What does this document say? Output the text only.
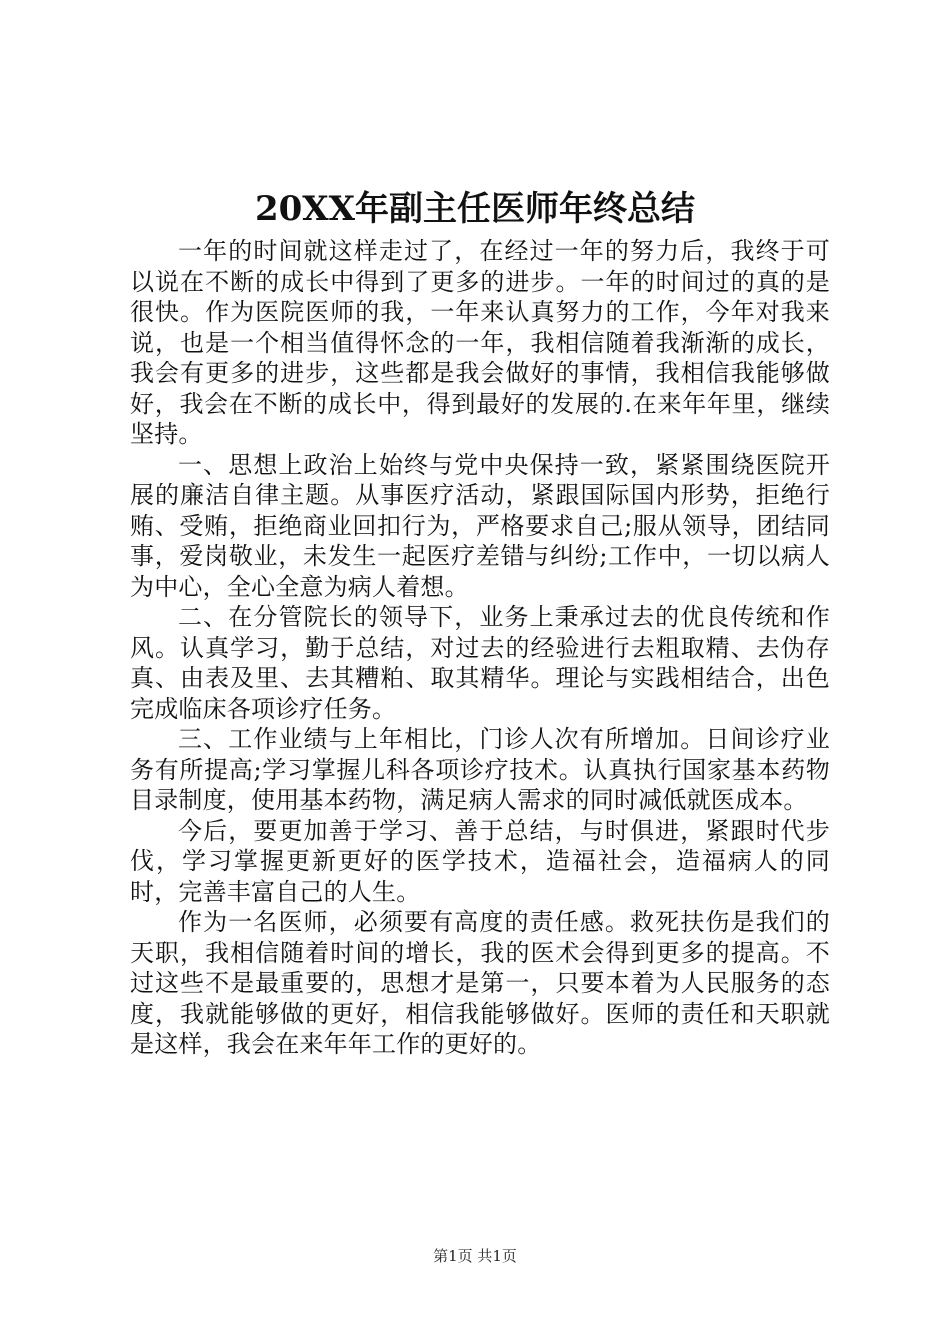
20XX年副主任医师年终总结

一年的时间就这样走过了，在经过一年的努力后，我终于可以说在不断的成长中得到了更多的进步。一年的时间过的真的是很快。作为医院医师的我，一年来认真努力的工作，今年对我来说，也是一个相当值得怀念的一年，我相信随着我渐渐的成长，我会有更多的进步，这些都是我会做好的事情，我相信我能够做好，我会在不断的成长中，得到最好的发展的.在来年年里，继续坚持。

一、思想上政治上始终与党中央保持一致，紧紧围绕医院开展的廉洁自律主题。从事医疗活动，紧跟国际国内形势，拒绝行贿、受贿，拒绝商业回扣行为，严格要求自己;服从领导，团结同事，爱岗敬业，未发生一起医疗差错与纠纷;工作中，一切以病人为中心，全心全意为病人着想。

二、在分管院长的领导下，业务上秉承过去的优良传统和作风。认真学习，勤于总结，对过去的经验进行去粗取精、去伪存真、由表及里、去其糟粕、取其精华。理论与实践相结合，出色完成临床各项诊疗任务。

三、工作业绩与上年相比，门诊人次有所增加。日间诊疗业务有所提高;学习掌握儿科各项诊疗技术。认真执行国家基本药物目录制度，使用基本药物，满足病人需求的同时减低就医成本。

今后，要更加善于学习、善于总结，与时俱进，紧跟时代步伐，学习掌握更新更好的医学技术，造福社会，造福病人的同时，完善丰富自己的人生。

作为一名医师，必须要有高度的责任感。救死扶伤是我们的天职，我相信随着时间的增长，我的医术会得到更多的提高。不过这些不是最重要的，思想才是第一，只要本着为人民服务的态度，我就能够做的更好，相信我能够做好。医师的责任和天职就是这样，我会在来年年工作的更好的。

第1页 共1页
